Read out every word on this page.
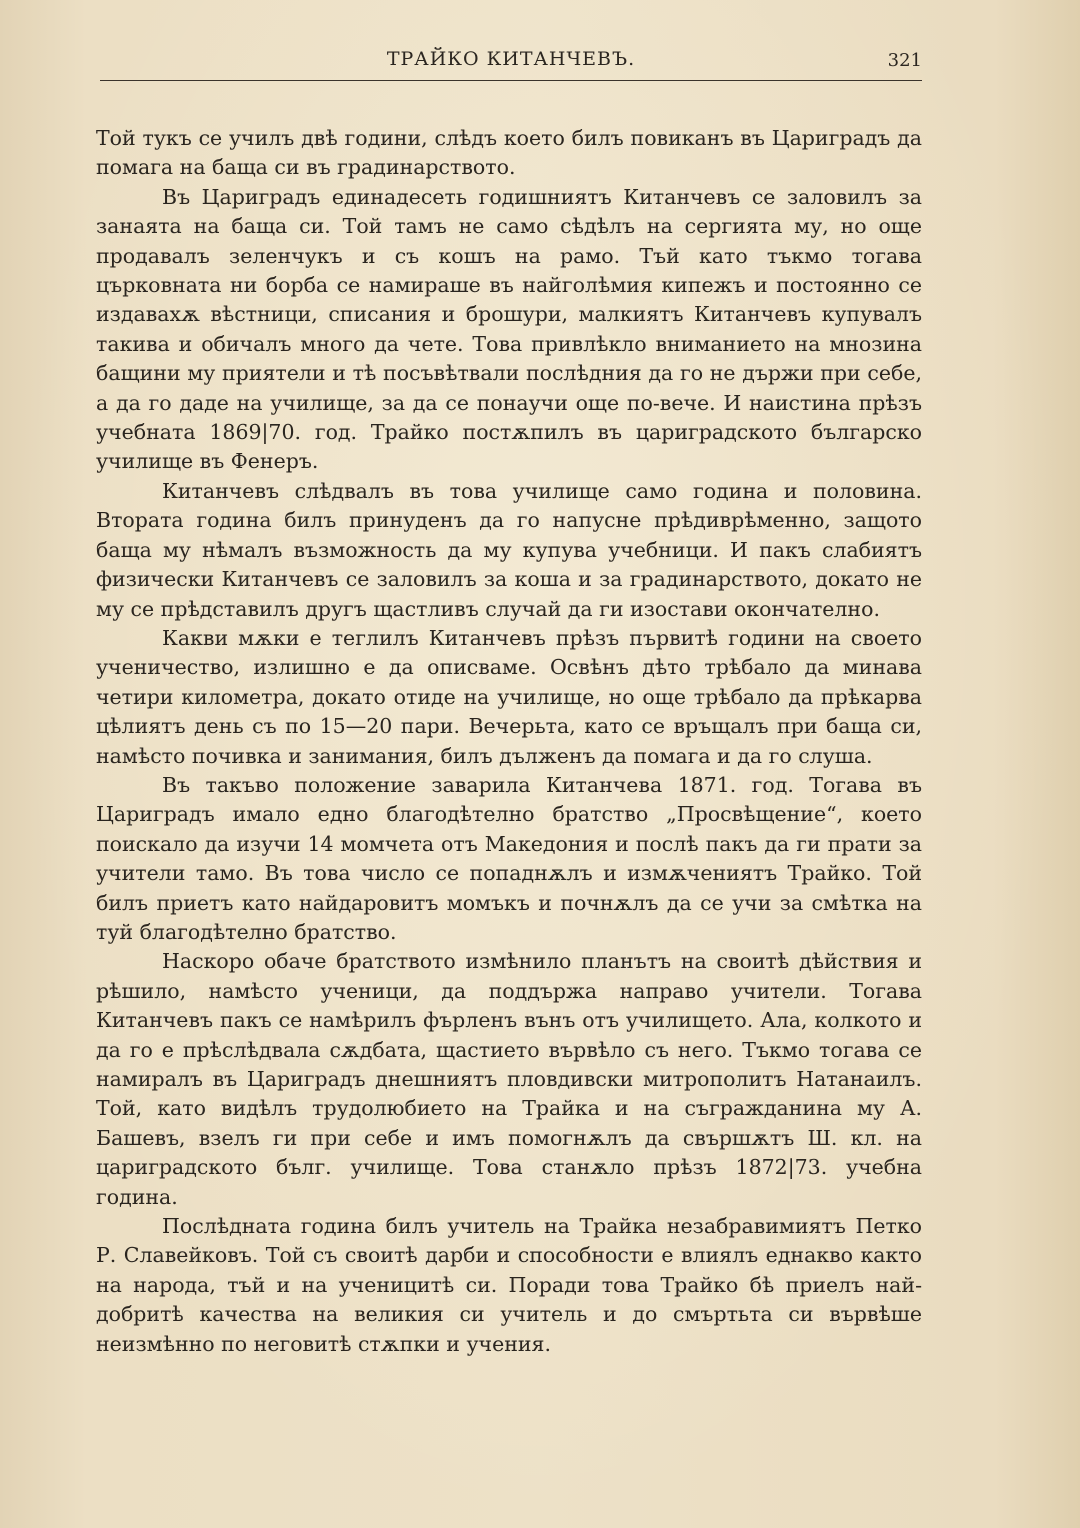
ТРАЙКО КИТАНЧЕВЪ.	321

Той тукъ се училъ двѣ години, слѣдъ което билъ повиканъ въ Цариградъ да помага на баща си въ градинарството.

Въ Цариградъ единадесеть годишниятъ Китанчевъ се заловилъ за занаята на баща си. Той тамъ не само сѣдѣлъ на сергията му, но още продавалъ зеленчукъ и съ кошъ на рамо. Тъй като тъкмо тогава църковната ни борба се намираше въ найголѣмия кипежъ и постоянно се издавахѫ вѣстници, списания и брошури, малкиятъ Китанчевъ купувалъ такива и обичалъ много да чете. Това привлѣкло вниманието на мнозина бащини му приятели и тѣ посъвѣтвали послѣдния да го не държи при себе, а да го даде на училище, за да се понаучи още по-вече. И наистина прѣзъ учебната 1869|70. год. Трайко постѫпилъ въ цариградското българско училище въ Фенеръ.

Китанчевъ слѣдвалъ въ това училище само година и половина. Втората година билъ принуденъ да го напусне прѣдиврѣменно, защото баща му нѣмалъ възможность да му купува учебници. И пакъ слабиятъ физически Китанчевъ се заловилъ за коша и за градинарството, докато не му се прѣдставилъ другъ щастливъ случай да ги изостави окончателно.

Какви мѫки е теглилъ Китанчевъ прѣзъ първитѣ години на своето ученичество, излишно е да описваме. Освѣнъ дѣто трѣбало да минава четири километра, докато отиде на училище, но още трѣбало да прѣкарва цѣлиятъ день съ по 15—20 пари. Вечерьта, като се връщалъ при баща си, намѣсто почивка и занимания, билъ дълженъ да помага и да го слуша.

Въ такъво положение заварила Китанчева 1871. год. Тогава въ Цариградъ имало едно благодѣтелно братство „Просвѣщение“, което поискало да изучи 14 момчета отъ Македония и послѣ пакъ да ги прати за учители тамо. Въ това число се попаднѫлъ и измѫчениятъ Трайко. Той билъ приетъ като найдаровитъ момъкъ и почнѫлъ да се учи за смѣтка на туй благодѣтелно братство.

Наскоро обаче братството измѣнило планътъ на своитѣ дѣйствия и рѣшило, намѣсто ученици, да поддържа направо учители. Тогава Китанчевъ пакъ се намѣрилъ фърленъ вънъ отъ училището. Ала, колкото и да го е прѣслѣдвала сѫдбата, щастието вървѣло съ него. Тъкмо тогава се намиралъ въ Цариградъ днешниятъ пловдивски митрополитъ Натанаилъ. Той, като видѣлъ трудолюбието на Трайка и на съгражданина му А. Башевъ, взелъ ги при себе и имъ помогнѫлъ да свършѫтъ Ш. кл. на цариградското бълг. училище. Това станѫло прѣзъ 1872|73. учебна година.

Послѣдната година билъ учитель на Трайка незабравимиятъ Петко Р. Славейковъ. Той съ своитѣ дарби и способности е влиялъ еднакво както на народа, тъй и на ученицитѣ си. Поради това Трайко бѣ приелъ най-добритѣ качества на великия си учитель и до смъртьта си вървѣше неизмѣнно по неговитѣ стѫпки и учения.
